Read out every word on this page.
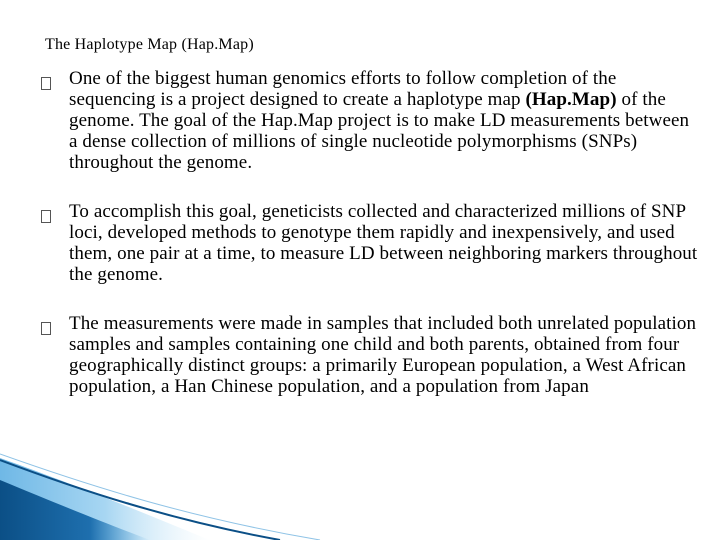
The Haplotype Map (Hap.Map)
One of the biggest human genomics efforts to follow completion of the sequencing is a project designed to create a haplotype map (Hap.Map) of the genome. The goal of the Hap.Map project is to make LD measurements between a dense collection of millions of single nucleotide polymorphisms (SNPs) throughout the genome.
To accomplish this goal, geneticists collected and characterized millions of SNP loci, developed methods to genotype them rapidly and inexpensively, and used them, one pair at a time, to measure LD between neighboring markers throughout the genome.
The measurements were made in samples that included both unrelated population samples and samples containing one child and both parents, obtained from four geographically distinct groups: a primarily European population, a West African population, a Han Chinese population, and a population from Japan
